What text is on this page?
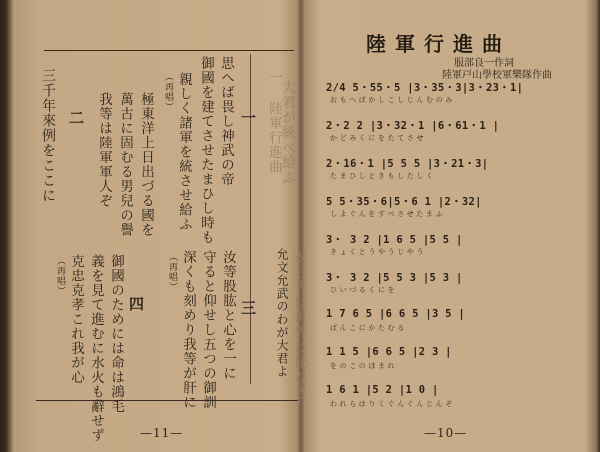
一 陸軍行進曲
一
思へば畏し神武の帝
御國を建てさせたまひし時も
親しく諸軍を統させ給ふ
（再唱）
極東洋上日出づる國を
萬古に固むる男兒の譽
我等は陸軍軍人ぞ
二
三千年來例をここに
—11—
陸軍行進曲
服部良一作詞
陸軍戸山學校軍樂隊作曲
大君が統べ給ふ
が我等は世界に比なき
2/4 5・55・5 |3・35・3|3・23・1|
おもへばかしこしじんむのみ
2・2 2 |3・32・1 |6・61・1 |
かどみくにをたてさせ
2・16・1 |5 5 5 |3・21・3|
たまひしときもしたしく
5 5・35・6|5・6 1 |2・32|
しよぐんをすべさせたまふ
3・ 3 2 |1 6 5 |5 5 |
きょくとうやうじやう
3・ 3 2 |5 5 3 |5 3 |
ひいづるくにを
1 7 6 5 |6 6 5 |3 5 |
ばんこにかたむる
1 1 5 |6 6 5 |2 3 |
をのこのほまれ
1 6 1 |5 2 |1 0 |
われらはりくぐんぐんじんぞ
—10—
三 允文允武のわが大君よ
汝等股肱と心を一に
守ると仰せし五つの御訓
深くも刻めり我等が肝に
（再唱）
四
御國のためには命は鴻毛
義を見て進むに水火も辭せず
克忠克孝これ我が心
（再唱）
